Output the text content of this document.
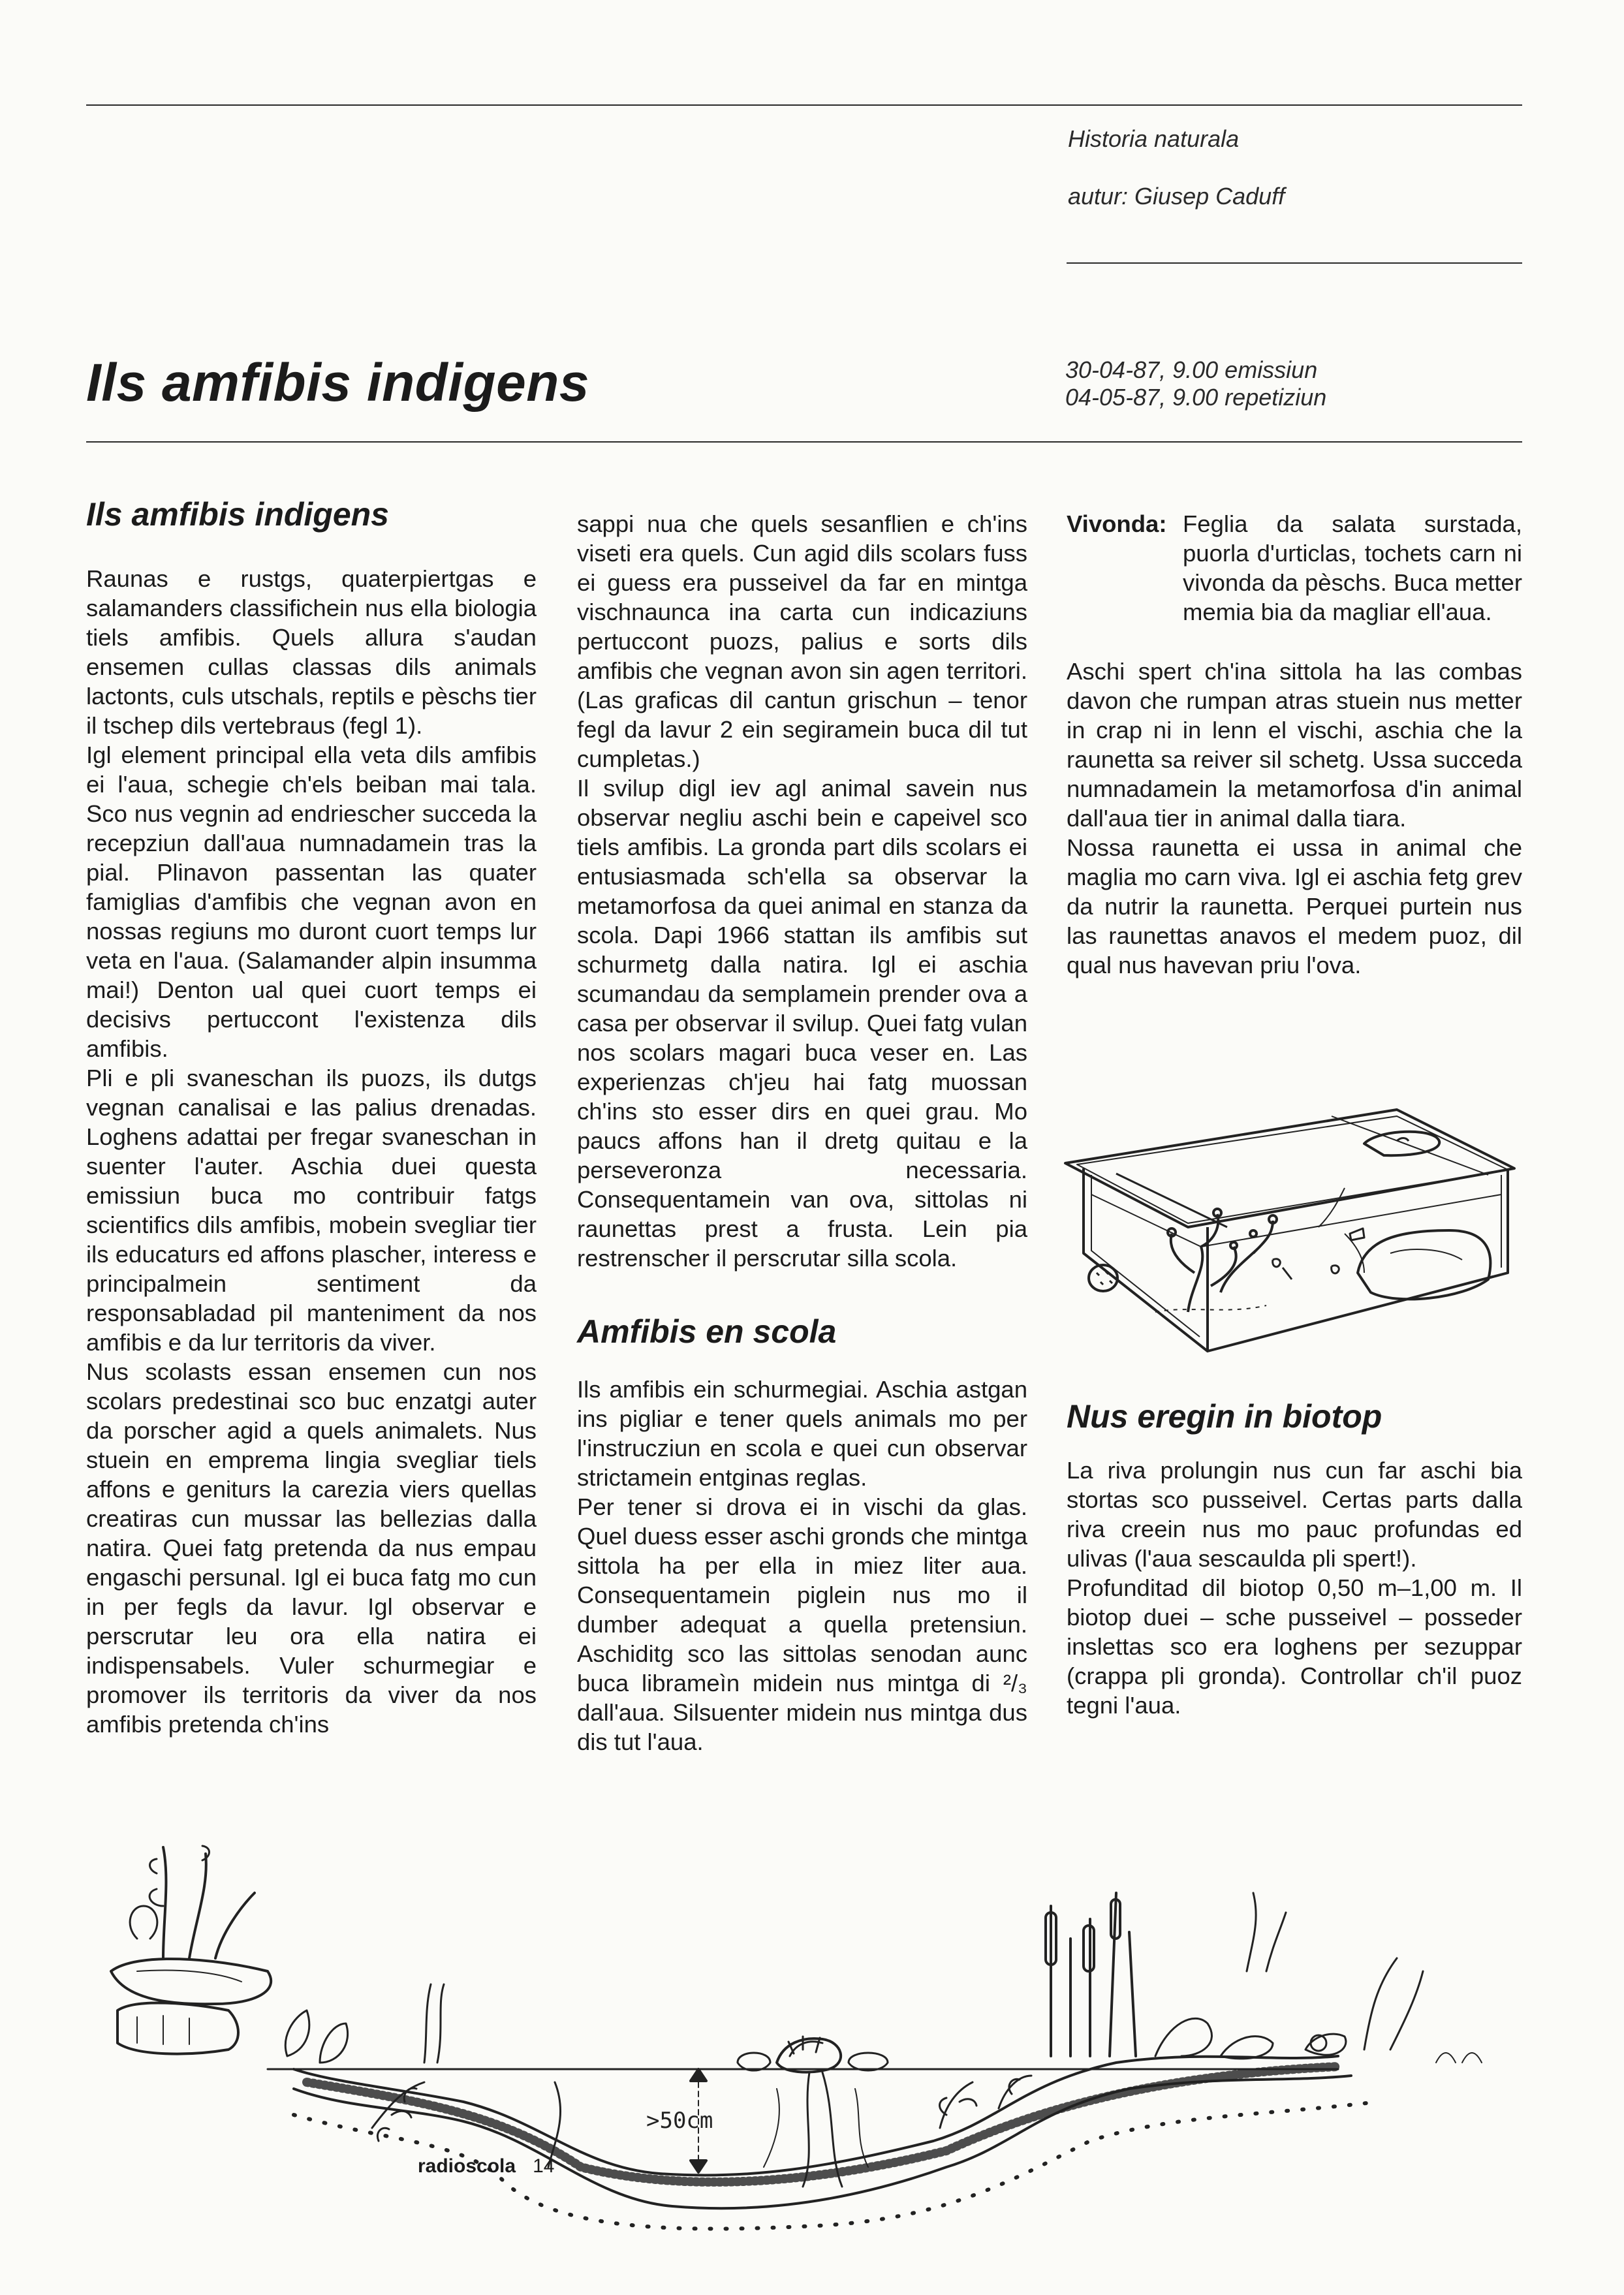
Historia naturala
autur: Giusep Caduff
Ils amfibis indigens	30-04-87, 9.00 emissiun
04-05-87, 9.00 repetiziun
Ils amfibis indigens

Raunas e rustgs, quaterpiertgas e salamanders classifichein nus ella biologia tiels amfibis. Quels allura s'audan ensemen cullas classas dils animals lactonts, culs utschals, reptils e pèschs tier il tschep dils vertebraus (fegl 1).

Igl element principal ella veta dils amfibis ei l'aua, schegie ch'els beiban mai tala. Sco nus vegnin ad endriescher succeda la recepziun dall'aua numnadamein tras la pial. Plinavon passentan las quater famiglias d'amfibis che vegnan avon en nossas regiuns mo duront cuort temps lur veta en l'aua. (Salamander alpin insumma mai!) Denton ual quei cuort temps ei decisivs pertuccont l'existenza dils amfibis.

Pli e pli svaneschan ils puozs, ils dutgs vegnan canalisai e las palius drenadas. Loghens adattai per fregar svaneschan in suenter l'auter. Aschia duei questa emissiun buca mo contribuir fatgs scientifics dils amfibis, mobein svegliar tier ils educaturs ed affons plascher, interess e principalmein sentiment da responsabladad pil manteniment da nos amfibis e da lur territoris da viver.

Nus scolasts essan ensemen cun nos scolars predestinai sco buc enzatgi auter da porscher agid a quels animalets. Nus stuein en emprema lingia svegliar tiels affons e geniturs la carezia viers quellas creatiras cun mussar las bellezias dalla natira. Quei fatg pretenda da nus empau engaschi persunal. Igl ei buca fatg mo cun in per fegls da lavur. Igl observar e perscrutar leu ora ella natira ei indispensabels. Vuler schurmegiar e promover ils territoris da viver da nos amfibis pretenda ch'ins

sappi nua che quels sesanflien e ch'ins viseti era quels. Cun agid dils scolars fuss ei guess era pusseivel da far en mintga vischnaunca ina carta cun indicaziuns pertuccont puozs, palius e sorts dils amfibis che vegnan avon sin agen territori. (Las graficas dil cantun grischun – tenor fegl da lavur 2 ein segiramein buca dil tut cumpletas.)

Il svilup digl iev agl animal savein nus observar negliu aschi bein e capeivel sco tiels amfibis. La gronda part dils scolars ei entusiasmada sch'ella sa observar la metamorfosa da quei animal en stanza da scola. Dapi 1966 stattan ils amfibis sut schurmetg dalla natira. Igl ei aschia scumandau da semplamein prender ova a casa per observar il svilup. Quei fatg vulan nos scolars magari buca veser en. Las experienzas ch'jeu hai fatg muossan ch'ins sto esser dirs en quei grau. Mo paucs affons han il dretg quitau e la perseveronza necessaria. Consequentamein van ova, sittolas ni raunettas prest a frusta. Lein pia restrenscher il perscrutar silla scola.

Amfibis en scola

Ils amfibis ein schurmegiai. Aschia astgan ins pigliar e tener quels animals mo per l'instrucziun en scola e quei cun observar strictamein entginas reglas.

Per tener si drova ei in vischi da glas. Quel duess esser aschi gronds che mintga sittola ha per ella in miez liter aua. Consequentamein piglein nus mo il dumber adequat a quella pretensiun. Aschiditg sco las sittolas senodan aunc buca librameìn midein nus mintga di ²/₃ dall'aua. Silsuenter midein nus mintga dus dis tut l'aua.

Vivonda: Feglia da salata surstada, puorla d'urticlas, tochets carn ni vivonda da pèschs. Buca metter memia bia da magliar ell'aua.

Aschi spert ch'ina sittola ha las combas davon che rumpan atras stuein nus metter in crap ni in lenn el vischi, aschia che la raunetta sa reiver sil schetg. Ussa succeda numnadamein la metamorfosa d'in animal dall'aua tier in animal dalla tiara.

Nossa raunetta ei ussa in animal che maglia mo carn viva. Igl ei aschia fetg grev da nutrir la raunetta. Perquei purtein nus las raunettas anavos el medem puoz, dil qual nus havevan priu l'ova.

Nus eregin in biotop

La riva prolungin nus cun far aschi bia stortas sco pusseivel. Certas parts dalla riva creein nus mo pauc profundas ed ulivas (l'aua sescaulda pli spert!).

Profunditad dil biotop 0,50 m–1,00 m. Il biotop duei – sche pusseivel – posseder inslettas sco era loghens per sezuppar (crappa pli gronda). Controllar ch'il puoz tegni l'aua.

>50cm
radioscola 14
